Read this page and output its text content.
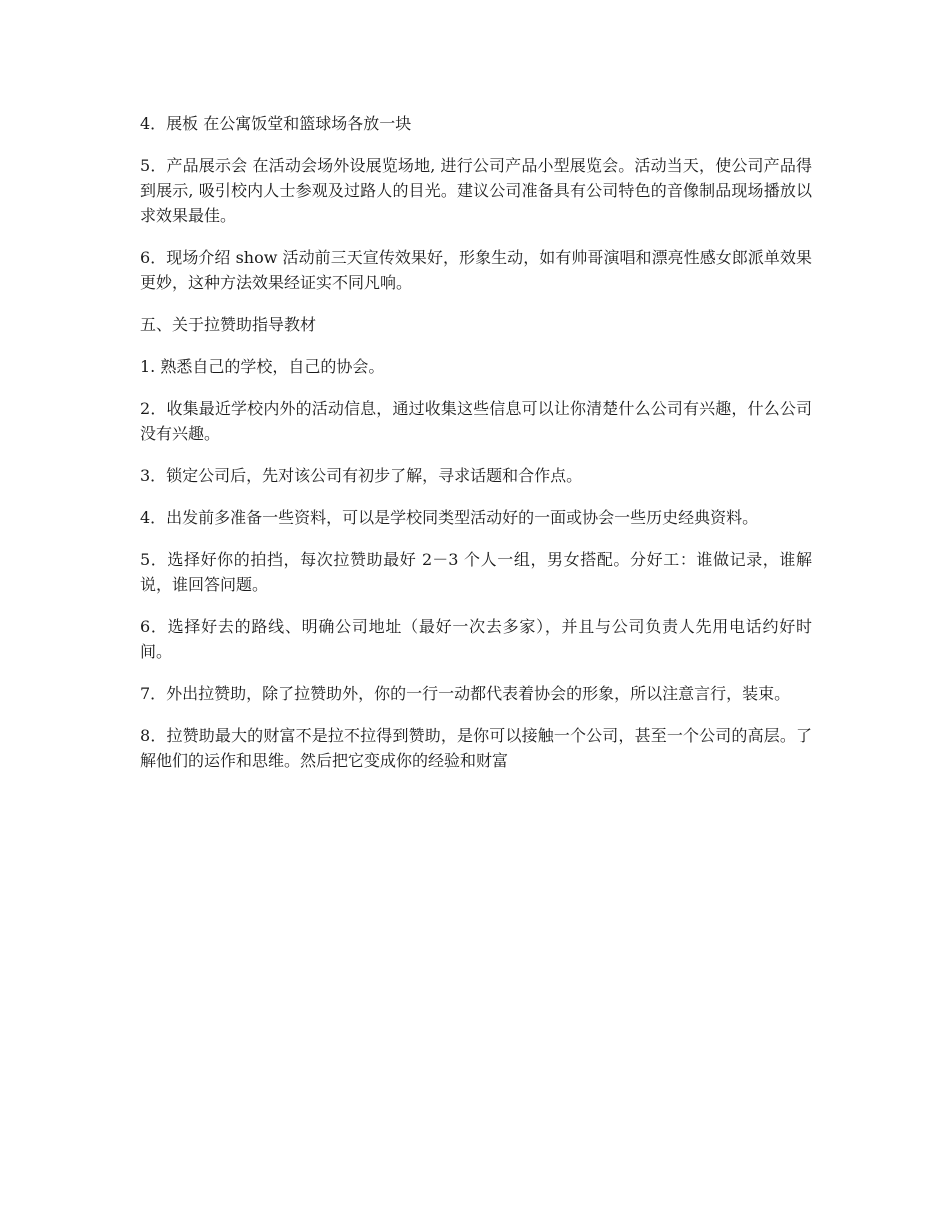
4．展板 在公寓饭堂和篮球场各放一块

5．产品展示会 在活动会场外设展览场地, 进行公司产品小型展览会。活动当天，使公司产品得到展示, 吸引校内人士参观及过路人的目光。建议公司准备具有公司特色的音像制品现场播放以求效果最佳。

6．现场介绍 show 活动前三天宣传效果好，形象生动，如有帅哥演唱和漂亮性感女郎派单效果更妙，这种方法效果经证实不同凡响。

五、关于拉赞助指导教材

1. 熟悉自己的学校，自己的协会。

2．收集最近学校内外的活动信息，通过收集这些信息可以让你清楚什么公司有兴趣，什么公司没有兴趣。

3．锁定公司后，先对该公司有初步了解，寻求话题和合作点。

4．出发前多准备一些资料，可以是学校同类型活动好的一面或协会一些历史经典资料。

5．选择好你的拍挡，每次拉赞助最好 2－3 个人一组，男女搭配。分好工：谁做记录，谁解说，谁回答问题。

6．选择好去的路线、明确公司地址（最好一次去多家），并且与公司负责人先用电话约好时间。

7．外出拉赞助，除了拉赞助外，你的一行一动都代表着协会的形象，所以注意言行，装束。

8．拉赞助最大的财富不是拉不拉得到赞助，是你可以接触一个公司，甚至一个公司的高层。了解他们的运作和思维。然后把它变成你的经验和财富
